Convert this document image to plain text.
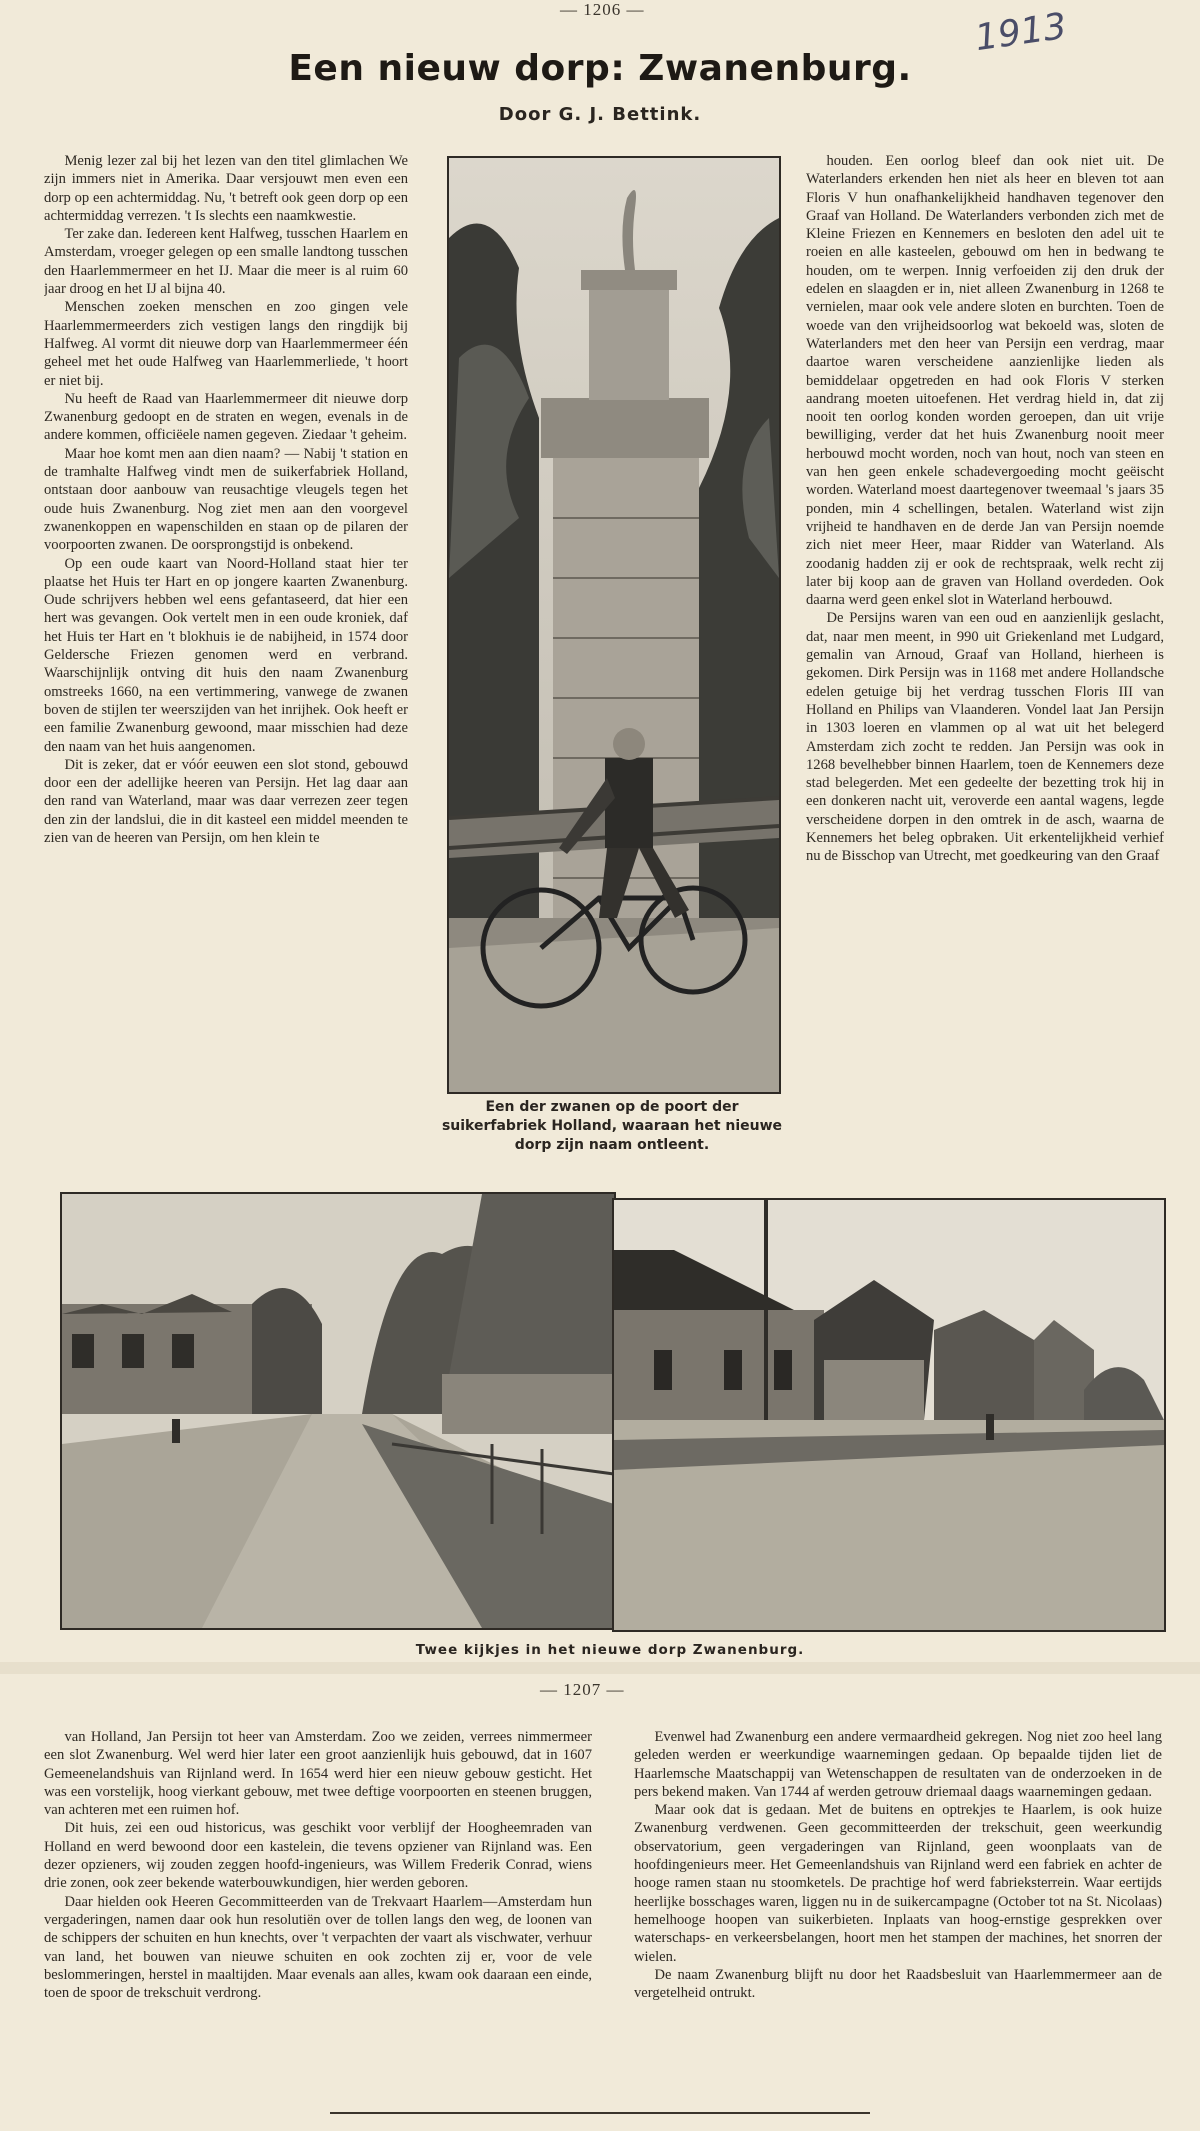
— 1206 —	1913
Een nieuw dorp: Zwanenburg.
Door G. J. Bettink.

Menig lezer zal bij het lezen van den titel glimlachen We zijn immers niet in Amerika. Daar versjouwt men even een dorp op een achtermiddag. Nu, 't betreft ook geen dorp op een achtermiddag verrezen. 't Is slechts een naamkwestie.

Ter zake dan. Iedereen kent Halfweg, tusschen Haarlem en Amsterdam, vroeger gelegen op een smalle landtong tusschen den Haarlemmermeer en het IJ. Maar die meer is al ruim 60 jaar droog en het IJ al bijna 40.

Menschen zoeken menschen en zoo gingen vele Haarlemmermeerders zich vestigen langs den ringdijk bij Halfweg. Al vormt dit nieuwe dorp van Haarlemmermeer één geheel met het oude Halfweg van Haarlemmerliede, 't hoort er niet bij.

Nu heeft de Raad van Haarlemmermeer dit nieuwe dorp Zwanenburg gedoopt en de straten en wegen, evenals in de andere kommen, officiëele namen gegeven. Ziedaar 't geheim.

Maar hoe komt men aan dien naam? — Nabij 't station en de tramhalte Halfweg vindt men de suikerfabriek Holland, ontstaan door aanbouw van reusachtige vleugels tegen het oude huis Zwanenburg. Nog ziet men aan den voorgevel zwanenkoppen en wapenschilden en staan op de pilaren der voorpoorten zwanen. De oorsprongstijd is onbekend.

Op een oude kaart van Noord-Holland staat hier ter plaatse het Huis ter Hart en op jongere kaarten Zwanenburg. Oude schrijvers hebben wel eens gefantaseerd, dat hier een hert was gevangen. Ook vertelt men in een oude kroniek, daf het Huis ter Hart en 't blokhuis ie de nabijheid, in 1574 door Geldersche Friezen genomen werd en verbrand. Waarschijnlijk ontving dit huis den naam Zwanenburg omstreeks 1660, na een vertimmering, vanwege de zwanen boven de stijlen ter weerszijden van het inrijhek. Ook heeft er een familie Zwanenburg gewoond, maar misschien had deze den naam van het huis aangenomen.

Dit is zeker, dat er vóór eeuwen een slot stond, gebouwd door een der adellijke heeren van Persijn. Het lag daar aan den rand van Waterland, maar was daar verrezen zeer tegen den zin der landslui, die in dit kasteel een middel meenden te zien van de heeren van Persijn, om hen klein te

Een der zwanen op de poort der suikerfabriek Holland, waaraan het nieuwe dorp zijn naam ontleent.

houden. Een oorlog bleef dan ook niet uit. De Waterlanders erkenden hen niet als heer en bleven tot aan Floris V hun onafhankelijkheid handhaven tegenover den Graaf van Holland. De Waterlanders verbonden zich met de Kleine Friezen en Kennemers en besloten den adel uit te roeien en alle kasteelen, gebouwd om hen in bedwang te houden, om te werpen. Innig verfoeiden zij den druk der edelen en slaagden er in, niet alleen Zwanenburg in 1268 te vernielen, maar ook vele andere sloten en burchten. Toen de woede van den vrijheidsoorlog wat bekoeld was, sloten de Waterlanders met den heer van Persijn een verdrag, maar daartoe waren verscheidene aanzienlijke lieden als bemiddelaar opgetreden en had ook Floris V sterken aandrang moeten uitoefenen. Het verdrag hield in, dat zij nooit ten oorlog konden worden geroepen, dan uit vrije bewilliging, verder dat het huis Zwanenburg nooit meer herbouwd mocht worden, noch van hout, noch van steen en van hen geen enkele schadevergoeding mocht geëischt worden. Waterland moest daartegenover tweemaal 's jaars 35 ponden, min 4 schellingen, betalen. Waterland wist zijn vrijheid te handhaven en de derde Jan van Persijn noemde zich niet meer Heer, maar Ridder van Waterland. Als zoodanig hadden zij er ook de rechtspraak, welk recht zij later bij koop aan de graven van Holland overdeden. Ook daarna werd geen enkel slot in Waterland herbouwd.

De Persijns waren van een oud en aanzienlijk geslacht, dat, naar men meent, in 990 uit Griekenland met Ludgard, gemalin van Arnoud, Graaf van Holland, hierheen is gekomen. Dirk Persijn was in 1168 met andere Hollandsche edelen getuige bij het verdrag tusschen Floris III van Holland en Philips van Vlaanderen. Vondel laat Jan Persijn in 1303 loeren en vlammen op al wat uit het belegerd Amsterdam zich zocht te redden. Jan Persijn was ook in 1268 bevelhebber binnen Haarlem, toen de Kennemers deze stad belegerden. Met een gedeelte der bezetting trok hij in een donkeren nacht uit, veroverde een aantal wagens, legde verscheidene dorpen in den omtrek in de asch, waarna de Kennemers het beleg opbraken. Uit erkentelijkheid verhief nu de Bisschop van Utrecht, met goedkeuring van den Graaf

Twee kijkjes in het nieuwe dorp Zwanenburg.
— 1207 —

van Holland, Jan Persijn tot heer van Amsterdam. Zoo we zeiden, verrees nimmermeer een slot Zwanenburg. Wel werd hier later een groot aanzienlijk huis gebouwd, dat in 1607 Gemeenelandshuis van Rijnland werd. In 1654 werd hier een nieuw gebouw gesticht. Het was een vorstelijk, hoog vierkant gebouw, met twee deftige voorpoorten en steenen bruggen, van achteren met een ruimen hof.

Dit huis, zei een oud historicus, was geschikt voor verblijf der Hoogheemraden van Holland en werd bewoond door een kastelein, die tevens opziener van Rijnland was. Een dezer opzieners, wij zouden zeggen hoofd-ingenieurs, was Willem Frederik Conrad, wiens drie zonen, ook zeer bekende waterbouwkundigen, hier werden geboren.

Daar hielden ook Heeren Gecommitteerden van de Trekvaart Haarlem—Amsterdam hun vergaderingen, namen daar ook hun resolutiën over de tollen langs den weg, de loonen van de schippers der schuiten en hun knechts, over 't verpachten der vaart als vischwater, verhuur van land, het bouwen van nieuwe schuiten en ook zochten zij er, voor de vele beslommeringen, herstel in maaltijden. Maar evenals aan alles, kwam ook daaraan een einde, toen de spoor de trekschuit verdrong.

Evenwel had Zwanenburg een andere vermaardheid gekregen. Nog niet zoo heel lang geleden werden er weerkundige waarnemingen gedaan. Op bepaalde tijden liet de Haarlemsche Maatschappij van Wetenschappen de resultaten van de onderzoeken in de pers bekend maken. Van 1744 af werden getrouw driemaal daags waarnemingen gedaan.

Maar ook dat is gedaan. Met de buitens en optrekjes te Haarlem, is ook huize Zwanenburg verdwenen. Geen gecommitteerden der trekschuit, geen weerkundig observatorium, geen vergaderingen van Rijnland, geen woonplaats van de hoofdingenieurs meer. Het Gemeenlandshuis van Rijnland werd een fabriek en achter de hooge ramen staan nu stoomketels. De prachtige hof werd fabrieksterrein. Waar eertijds heerlijke bosschages waren, liggen nu in de suikercampagne (October tot na St. Nicolaas) hemelhooge hoopen van suikerbieten. Inplaats van hoog-ernstige gesprekken over waterschaps- en verkeersbelangen, hoort men het stampen der machines, het snorren der wielen.

De naam Zwanenburg blijft nu door het Raadsbesluit van Haarlemmermeer aan de vergetelheid ontrukt.
